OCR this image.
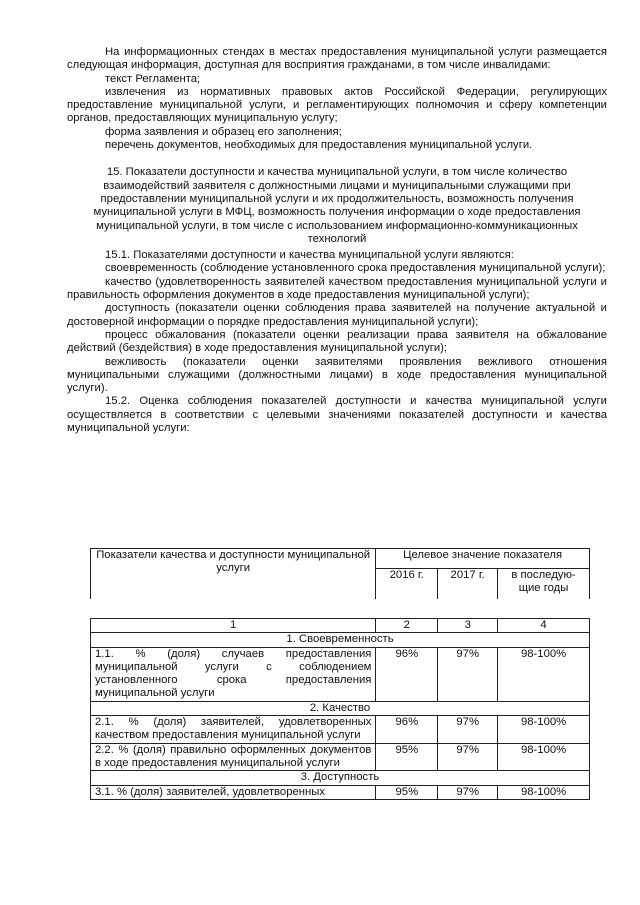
На информационных стендах в местах предоставления муниципальной услуги размещается следующая информация, доступная для восприятия гражданами, в том числе инвалидами:

текст Регламента;

извлечения из нормативных правовых актов Российской Федерации, регулирующих предоставление муниципальной услуги, и регламентирующих полномочия и сферу компетенции органов, предоставляющих муниципальную услугу;

форма заявления и образец его заполнения;

перечень документов, необходимых для предоставления муниципальной услуги.

15. Показатели доступности и качества муниципальной услуги, в том числе количество взаимодействий заявителя с должностными лицами и муниципальными служащими при предоставлении муниципальной услуги и их продолжительность, возможность получения муниципальной услуги в МФЦ, возможность получения информации о ходе предоставления муниципальной услуги, в том числе с использованием информационно-коммуникационных технологий

15.1. Показателями доступности и качества муниципальной услуги являются:

своевременность (соблюдение установленного срока предоставления муниципальной услуги);

качество (удовлетворенность заявителей качеством предоставления муниципальной услуги и правильность оформления документов в ходе предоставления муниципальной услуги);

доступность (показатели оценки соблюдения права заявителей на получение актуальной и достоверной информации о порядке предоставления муниципальной услуги);

процесс обжалования (показатели оценки реализации права заявителя на обжалование действий (бездействия) в ходе предоставления муниципальной услуги);

вежливость (показатели оценки заявителями проявления вежливого отношения муниципальными служащими (должностными лицами) в ходе предоставления муниципальной услуги).

15.2. Оценка соблюдения показателей доступности и качества муниципальной услуги осуществляется в соответствии с целевыми значениями показателей доступности и качества муниципальной услуги:

Показатели качества и доступности муниципальной услуги	Целевое значение показателя		
	2016 г.	2017 г.	в последую-щие годы
1	2	3	4
1. Своевременность			
1.1. % (доля) случаев предоставления муниципальной услуги с соблюдением установленного срока предоставления муниципальной услуги	96%	97%	98-100%
2. Качество			
2.1. % (доля) заявителей, удовлетворенных качеством предоставления муниципальной услуги	96%	97%	98-100%
2.2. % (доля) правильно оформленных документов в ходе предоставления муниципальной услуги	95%	97%	98-100%
3. Доступность			
3.1. % (доля) заявителей, удовлетворенных	95%	97%	98-100%
